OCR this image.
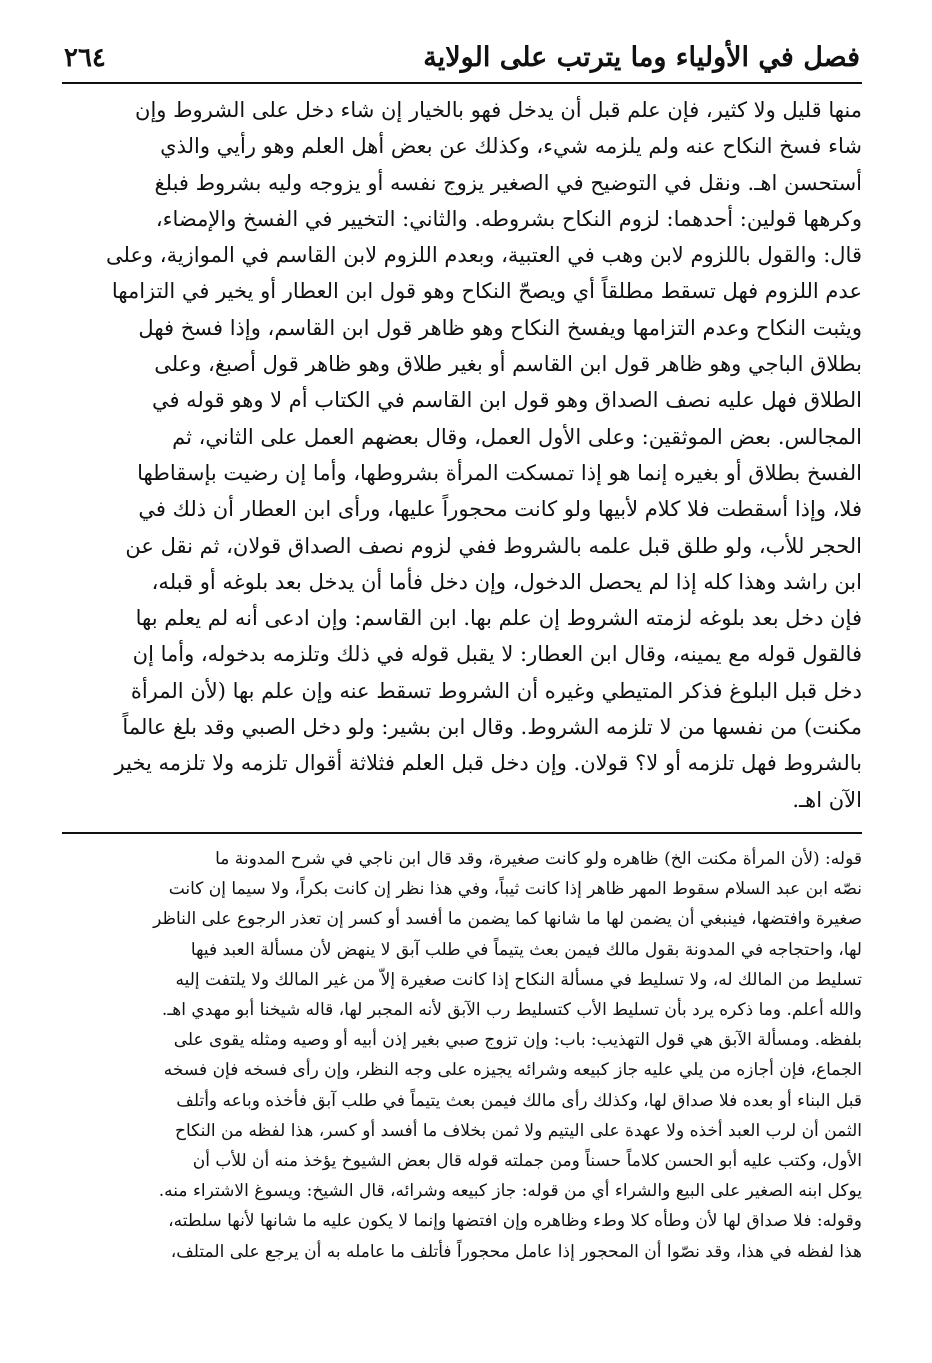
فصل في الأولياء وما يترتب على الولاية
٢٦٤
منها قليل ولا كثير، فإن علم قبل أن يدخل فهو بالخيار إن شاء دخل على الشروط وإن
شاء فسخ النكاح عنه ولم يلزمه شيء، وكذلك عن بعض أهل العلم وهو رأيي والذي
أستحسن اهـ. ونقل في التوضيح في الصغير يزوج نفسه أو يزوجه وليه بشروط فبلغ
وكرهها قولين: أحدهما: لزوم النكاح بشروطه. والثاني: التخيير في الفسخ والإمضاء،
قال: والقول باللزوم لابن وهب في العتبية، وبعدم اللزوم لابن القاسم في الموازية، وعلى
عدم اللزوم فهل تسقط مطلقاً أي ويصحّ النكاح وهو قول ابن العطار أو يخير في التزامها
ويثبت النكاح وعدم التزامها ويفسخ النكاح وهو ظاهر قول ابن القاسم، وإذا فسخ فهل
بطلاق الباجي وهو ظاهر قول ابن القاسم أو بغير طلاق وهو ظاهر قول أصبغ، وعلى
الطلاق فهل عليه نصف الصداق وهو قول ابن القاسم في الكتاب أم لا وهو قوله في
المجالس. بعض الموثقين: وعلى الأول العمل، وقال بعضهم العمل على الثاني، ثم
الفسخ بطلاق أو بغيره إنما هو إذا تمسكت المرأة بشروطها، وأما إن رضيت بإسقاطها
فلا، وإذا أسقطت فلا كلام لأبيها ولو كانت محجوراً عليها، ورأى ابن العطار أن ذلك في
الحجر للأب، ولو طلق قبل علمه بالشروط ففي لزوم نصف الصداق قولان، ثم نقل عن
ابن راشد وهذا كله إذا لم يحصل الدخول، وإن دخل فأما أن يدخل بعد بلوغه أو قبله،
فإن دخل بعد بلوغه لزمته الشروط إن علم بها. ابن القاسم: وإن ادعى أنه لم يعلم بها
فالقول قوله مع يمينه، وقال ابن العطار: لا يقبل قوله في ذلك وتلزمه بدخوله، وأما إن
دخل قبل البلوغ فذكر المتيطي وغيره أن الشروط تسقط عنه وإن علم بها (لأن المرأة
مكنت) من نفسها من لا تلزمه الشروط. وقال ابن بشير: ولو دخل الصبي وقد بلغ عالماً
بالشروط فهل تلزمه أو لا؟ قولان. وإن دخل قبل العلم فثلاثة أقوال تلزمه ولا تلزمه يخير
الآن اهـ.
قوله: (لأن المرأة مكنت الخ) ظاهره ولو كانت صغيرة، وقد قال ابن ناجي في شرح المدونة ما
نصّه ابن عبد السلام سقوط المهر ظاهر إذا كانت ثيباً، وفي هذا نظر إن كانت بكراً، ولا سيما إن كانت
صغيرة وافتضها، فينبغي أن يضمن لها ما شانها كما يضمن ما أفسد أو كسر إن تعذر الرجوع على الناظر
لها، واحتجاجه في المدونة بقول مالك فيمن بعث يتيماً في طلب آبق لا ينهض لأن مسألة العبد فيها
تسليط من المالك له، ولا تسليط في مسألة النكاح إذا كانت صغيرة إلاّ من غير المالك ولا يلتفت إليه
والله أعلم. وما ذكره يرد بأن تسليط الأب كتسليط رب الآبق لأنه المجبر لها، قاله شيخنا أبو مهدي اهـ.
بلفظه. ومسألة الآبق هي قول التهذيب: باب: وإن تزوج صبي بغير إذن أبيه أو وصيه ومثله يقوى على
الجماع، فإن أجازه من يلي عليه جاز كبيعه وشرائه يجيزه على وجه النظر، وإن رأى فسخه فإن فسخه
قبل البناء أو بعده فلا صداق لها، وكذلك رأى مالك فيمن بعث يتيماً في طلب آبق فأخذه وباعه وأتلف
الثمن أن لرب العبد أخذه ولا عهدة على اليتيم ولا ثمن بخلاف ما أفسد أو كسر، هذا لفظه من النكاح
الأول، وكتب عليه أبو الحسن كلاماً حسناً ومن جملته قوله قال بعض الشيوخ يؤخذ منه أن للأب أن
يوكل ابنه الصغير على البيع والشراء أي من قوله: جاز كبيعه وشرائه، قال الشيخ: ويسوغ الاشتراء منه.
وقوله: فلا صداق لها لأن وطأه كلا وطء وظاهره وإن افتضها وإنما لا يكون عليه ما شانها لأنها سلطته،
هذا لفظه في هذا، وقد نصّوا أن المحجور إذا عامل محجوراً فأتلف ما عامله به أن يرجع على المتلف،
